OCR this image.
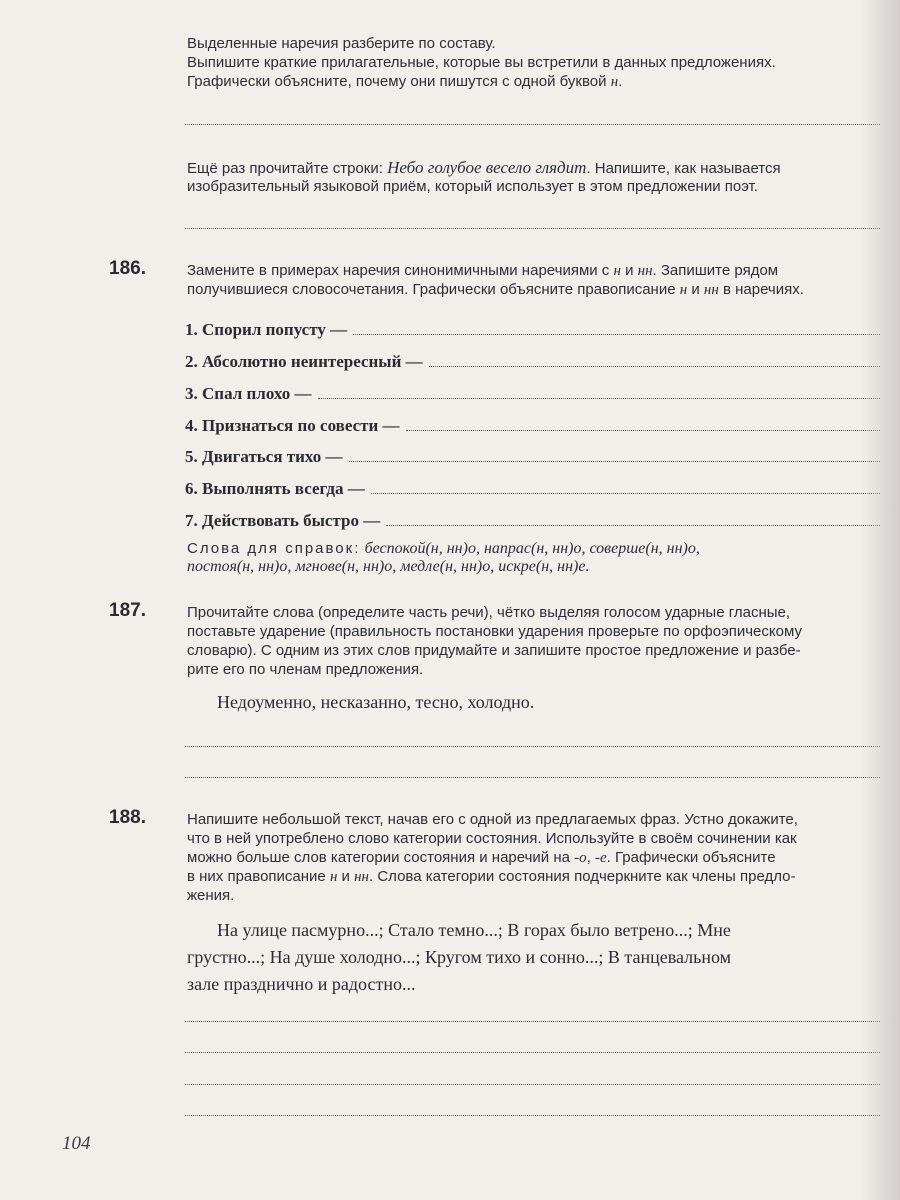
Выделенные наречия разберите по составу.

Выпишите краткие прилагательные, которые вы встретили в данных предложениях.

Графически объясните, почему они пишутся с одной буквой н.

Ещё раз прочитайте строки: Небо голубое весело глядит. Напишите, как называется

изобразительный языковой приём, который использует в этом предложении поэт.

186.	Замените в примерах наречия синонимичными наречиями с н и нн. Запишите рядом

получившиеся словосочетания. Графически объясните правописание н и нн в наречиях.

1. Спорил попусту —
2. Абсолютно неинтересный —
3. Спал плохо —
4. Признаться по совести —
5. Двигаться тихо —
6. Выполнять всегда —
7. Действовать быстро —

Слова для справок: беспокой(н, нн)о, напрас(н, нн)о, соверше(н, нн)о,

постоя(н, нн)о, мгнове(н, нн)о, медле(н, нн)о, искре(н, нн)е.

187.	Прочитайте слова (определите часть речи), чётко выделяя голосом ударные гласные,

поставьте ударение (правильность постановки ударения проверьте по орфоэпическому

словарю). С одним из этих слов придумайте и запишите простое предложение и разбе-

рите его по членам предложения.

Недоуменно, несказанно, тесно, холодно.
188.	Напишите небольшой текст, начав его с одной из предлагаемых фраз. Устно докажите,

что в ней употреблено слово категории состояния. Используйте в своём сочинении как

можно больше слов категории состояния и наречий на -о, -е. Графически объясните

в них правописание н и нн. Слова категории состояния подчеркните как члены предло-

жения.

На улице пасмурно...; Стало темно...; В горах было ветрено...; Мне
грустно...; На душе холодно...; Кругом тихо и сонно...; В танцевальном
зале празднично и радостно...
104
